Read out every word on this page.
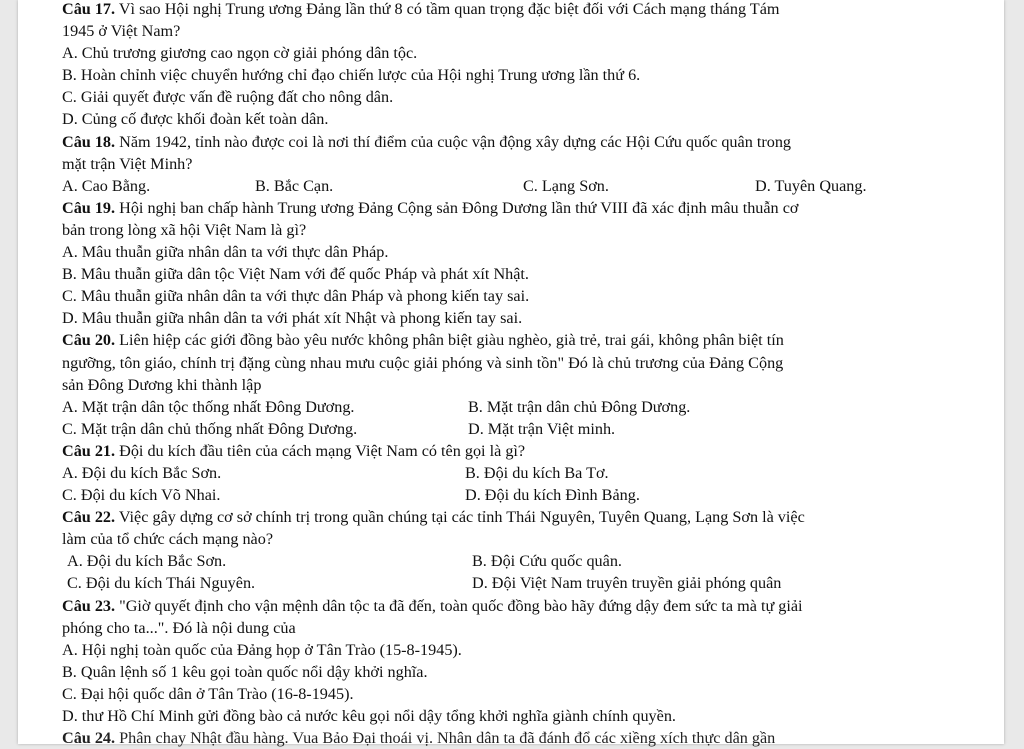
Câu 17. Vì sao Hội nghị Trung ương Đảng lần thứ 8 có tầm quan trọng đặc biệt đối với Cách mạng tháng Tám
1945 ở Việt Nam?
A. Chủ trương giương cao ngọn cờ giải phóng dân tộc.
B. Hoàn chỉnh việc chuyển hướng chỉ đạo chiến lược của Hội nghị Trung ương lần thứ 6.
C. Giải quyết được vấn đề ruộng đất cho nông dân.
D. Củng cố được khối đoàn kết toàn dân.
Câu 18. Năm 1942, tỉnh nào được coi là nơi thí điểm của cuộc vận động xây dựng các Hội Cứu quốc quân trong
mặt trận Việt Minh?
A. Cao Bằng.	B. Bắc Cạn.	C. Lạng Sơn.	D. Tuyên Quang.
Câu 19. Hội nghị ban chấp hành Trung ương Đảng Cộng sản Đông Dương lần thứ VIII đã xác định mâu thuẫn cơ
bản trong lòng xã hội Việt Nam là gì?
A. Mâu thuẫn giữa nhân dân ta với thực dân Pháp.
B. Mâu thuẫn giữa dân tộc Việt Nam với đế quốc Pháp và phát xít Nhật.
C. Mâu thuẫn giữa nhân dân ta với thực dân Pháp và phong kiến tay sai.
D. Mâu thuẫn giữa nhân dân ta với phát xít Nhật và phong kiến tay sai.
Câu 20. Liên hiệp các giới đồng bào yêu nước không phân biệt giàu nghèo, già trẻ, trai gái, không phân biệt tín
ngưỡng, tôn giáo, chính trị đặng cùng nhau mưu cuộc giải phóng và sinh tồn" Đó là chủ trương của Đảng Cộng
sản Đông Dương khi thành lập
A. Mặt trận dân tộc thống nhất Đông Dương.	B. Mặt trận dân chủ Đông Dương.
C. Mặt trận dân chủ thống nhất Đông Dương.	D. Mặt trận Việt minh.
Câu 21. Đội du kích đầu tiên của cách mạng Việt Nam có tên gọi là gì?
A. Đội du kích Bắc Sơn.	B. Đội du kích Ba Tơ.
C. Đội du kích Võ Nhai.	D. Đội du kích Đình Bảng.
Câu 22. Việc gây dựng cơ sở chính trị trong quần chúng tại các tỉnh Thái Nguyên, Tuyên Quang, Lạng Sơn là việc
làm của tổ chức cách mạng nào?
A. Đội du kích Bắc Sơn.	B. Đội Cứu quốc quân.
C. Đội du kích Thái Nguyên.	D. Đội Việt Nam truyên truyền giải phóng quân
Câu 23. "Giờ quyết định cho vận mệnh dân tộc ta đã đến, toàn quốc đồng bào hãy đứng dậy đem sức ta mà tự giải
phóng cho ta...". Đó là nội dung của
A. Hội nghị toàn quốc của Đảng họp ở Tân Trào (15-8-1945).
B. Quân lệnh số 1 kêu gọi toàn quốc nổi dậy khởi nghĩa.
C. Đại hội quốc dân ở Tân Trào (16-8-1945).
D. thư Hồ Chí Minh gửi đồng bào cả nước kêu gọi nổi dậy tổng khởi nghĩa giành chính quyền.
Câu 24. Phân chay Nhật đầu hàng. Vua Bảo Đại thoái vị. Nhân dân ta đã đánh đổ các xiềng xích thực dân gần
